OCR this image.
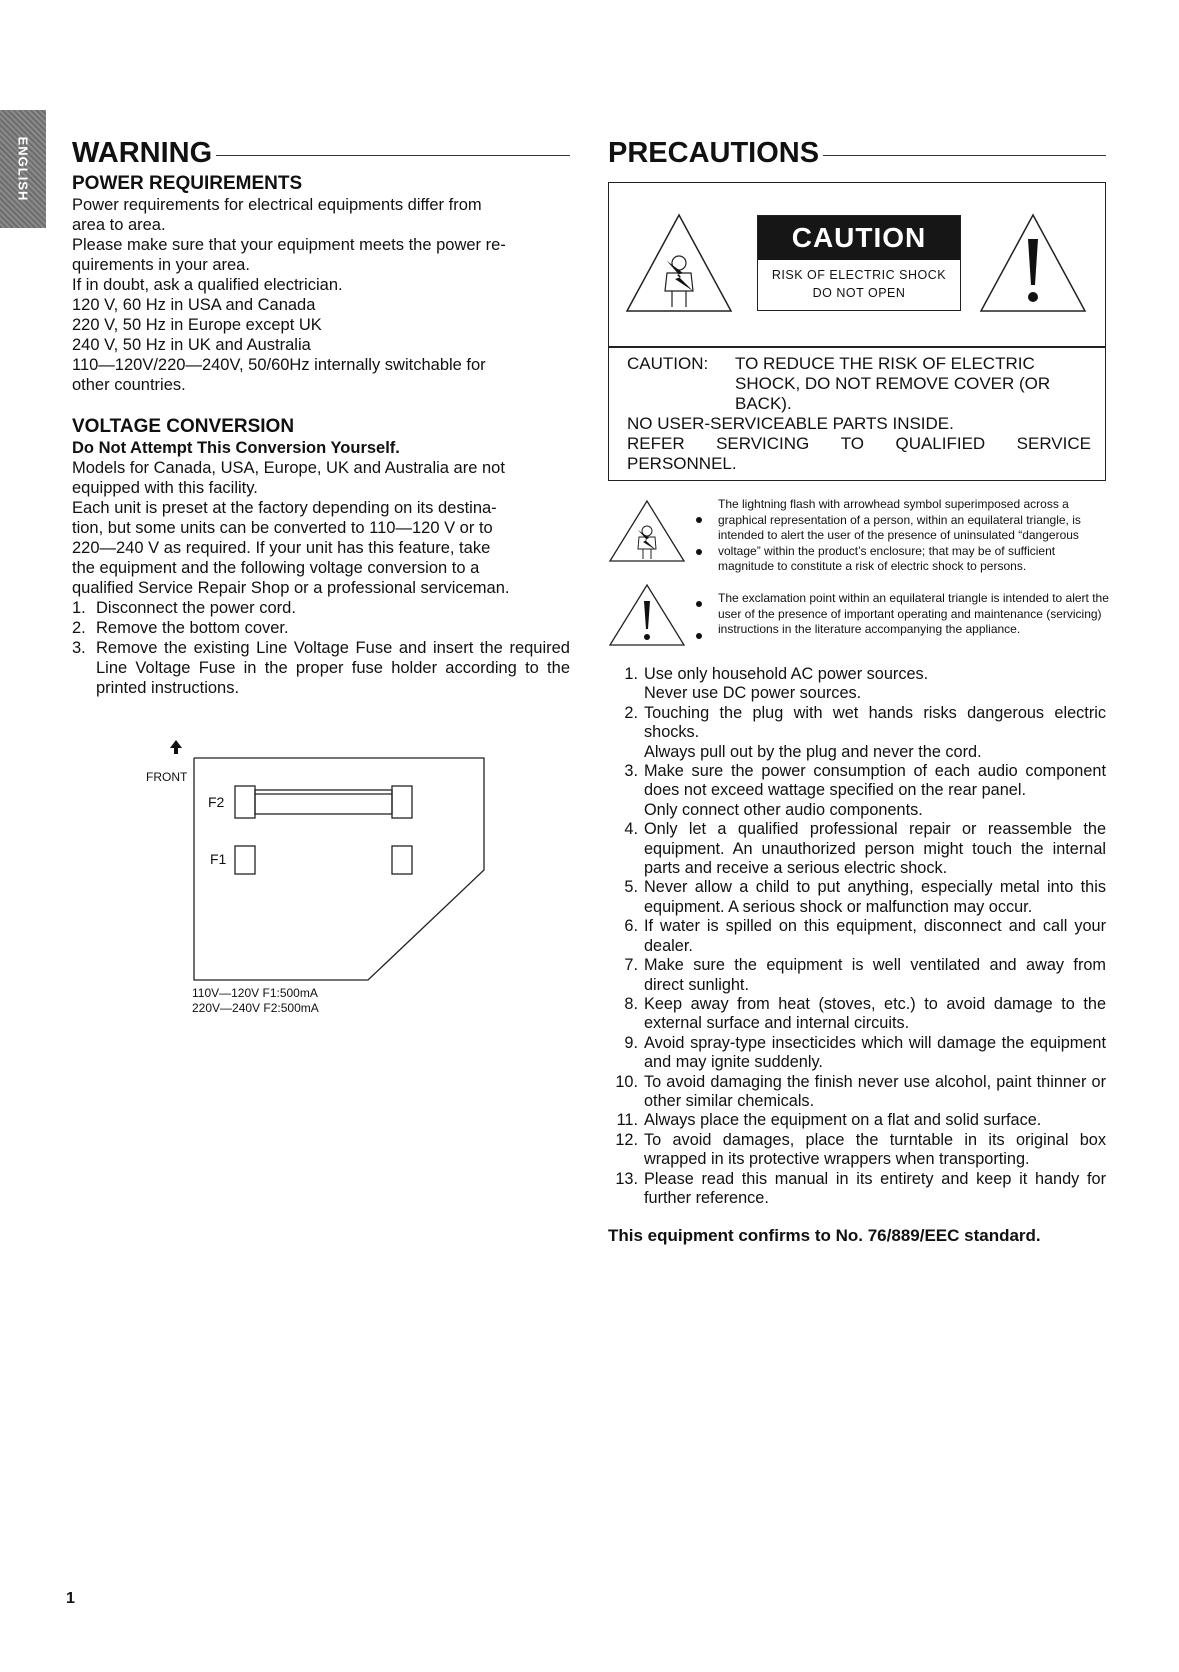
ENGLISH WARNING
POWER REQUIREMENTS

Power requirements for electrical equipments differ from

area to area.

Please make sure that your equipment meets the power re-

quirements in your area.

If in doubt, ask a qualified electrician.

120 V, 60 Hz in USA and Canada

220 V, 50 Hz in Europe except UK

240 V, 50 Hz in UK and Australia

110—120V/220—240V, 50/60Hz internally switchable for

other countries.

VOLTAGE CONVERSION
Do Not Attempt This Conversion Yourself.

Models for Canada, USA, Europe, UK and Australia are not

equipped with this facility.

Each unit is preset at the factory depending on its destina-

tion, but some units can be converted to 110—120 V or to

220—240 V as required. If your unit has this feature, take

the equipment and the following voltage conversion to a

qualified Service Repair Shop or a professional serviceman.

1. Disconnect the power cord.
2. Remove the bottom cover.
3. Remove the existing Line Voltage Fuse and insert the required Line Voltage Fuse in the proper fuse holder according to the printed instructions.
FRONT
F2
F1
110V—120V F1:500mA
220V—240V F2:500mA
PRECAUTIONS
CAUTION
RISK OF ELECTRIC SHOCK
DO NOT OPEN
CAUTION:	TO REDUCE THE RISK OF ELECTRIC
SHOCK, DO NOT REMOVE COVER (OR
BACK).
NO USER-SERVICEABLE PARTS INSIDE.
REFER SERVICING TO QUALIFIED SERVICE
PERSONNEL.
The lightning flash with arrowhead symbol superimposed across a graphical representation of a person, within an equilateral triangle, is intended to alert the user of the presence of uninsulated “dangerous voltage” within the product’s enclosure; that may be of sufficient magnitude to constitute a risk of electric shock to persons.
The exclamation point within an equilateral triangle is intended to alert the user of the presence of important operating and maintenance (servicing) instructions in the literature accompanying the appliance.
1. Use only household AC power sources.
Never use DC power sources.
2. Touching the plug with wet hands risks dangerous electric shocks.
Always pull out by the plug and never the cord.
3. Make sure the power consumption of each audio component does not exceed wattage specified on the rear panel.
Only connect other audio components.
4. Only let a qualified professional repair or reassemble the equipment. An unauthorized person might touch the internal parts and receive a serious electric shock.
5. Never allow a child to put anything, especially metal into this equipment. A serious shock or malfunction may occur.
6. If water is spilled on this equipment, disconnect and call your dealer.
7. Make sure the equipment is well ventilated and away from direct sunlight.
8. Keep away from heat (stoves, etc.) to avoid damage to the external surface and internal circuits.
9. Avoid spray-type insecticides which will damage the equipment and may ignite suddenly.
10. To avoid damaging the finish never use alcohol, paint thinner or other similar chemicals.
11. Always place the equipment on a flat and solid surface.
12. To avoid damages, place the turntable in its original box wrapped in its protective wrappers when transporting.
13. Please read this manual in its entirety and keep it handy for further reference.
This equipment confirms to No. 76/889/EEC standard.
1
